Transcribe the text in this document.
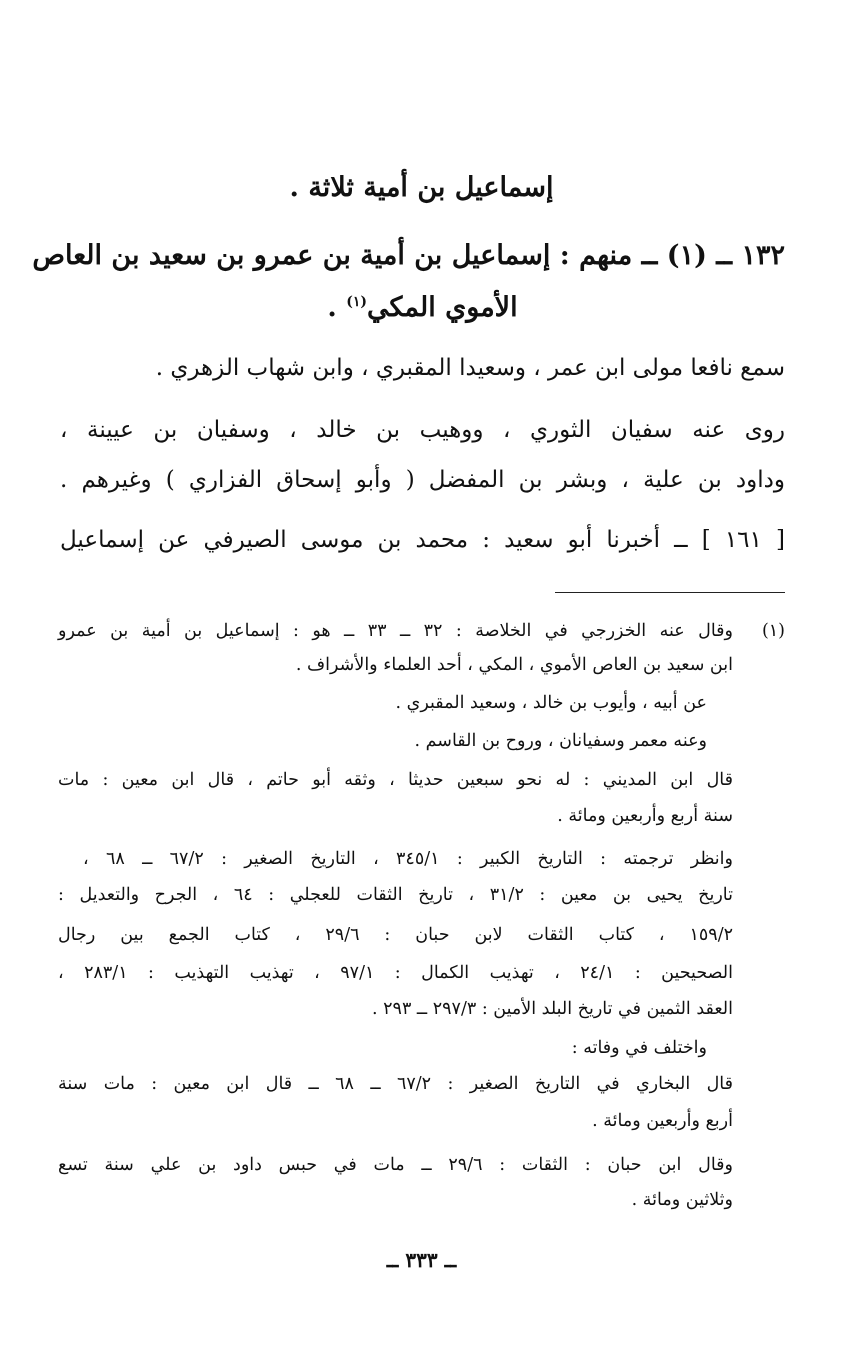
إسماعيل بن أمية ثلاثة .
١٣٢ ــ (١) ــ منهم : إسماعيل بن أمية بن عمرو بن سعيد بن العاص
الأموي المكي$^{(١)}$ .
سمع نافعا مولى ابن عمر ، وسعيدا المقبري ، وابن شهاب الزهري .
روى عنه سفيان الثوري ، ووهيب بن خالد ، وسفيان بن عيينة ،
وداود بن علية ، وبشر بن المفضل ( وأبو إسحاق الفزاري ) وغيرهم .
[ ١٦١ ] ــ أخبرنا أبو سعيد : محمد بن موسى الصيرفي عن إسماعيل
(١)
وقال عنه الخزرجي في الخلاصة : ٣٢ ــ ٣٣ ــ هو : إسماعيل بن أمية بن عمرو
ابن سعيد بن العاص الأموي ، المكي ، أحد العلماء والأشراف .
عن أبيه ، وأيوب بن خالد ، وسعيد المقبري .
وعنه معمر وسفيانان ، وروح بن القاسم .
قال ابن المديني : له نحو سبعين حديثا ، وثقه أبو حاتم ، قال ابن معين : مات
سنة أربع وأربعين ومائة .
وانظر ترجمته : التاريخ الكبير : ٣٤٥/١ ، التاريخ الصغير : ٦٧/٢ ــ ٦٨ ،
تاريخ يحيى بن معين : ٣١/٢ ، تاريخ الثقات للعجلي : ٦٤ ، الجرح والتعديل :
١٥٩/٢ ، كتاب الثقات لابن حبان : ٢٩/٦ ، كتاب الجمع بين رجال
الصحيحين : ٢٤/١ ، تهذيب الكمال : ٩٧/١ ، تهذيب التهذيب : ٢٨٣/١ ،
العقد الثمين في تاريخ البلد الأمين : ٢٩٧/٣ ــ ٢٩٣ .
واختلف في وفاته :
قال البخاري في التاريخ الصغير : ٦٧/٢ ــ ٦٨ ــ قال ابن معين : مات سنة
أربع وأربعين ومائة .
وقال ابن حبان : الثقات : ٢٩/٦ ــ مات في حبس داود بن علي سنة تسع
وثلاثين ومائة .
ــ ٣٣٣ ــ
